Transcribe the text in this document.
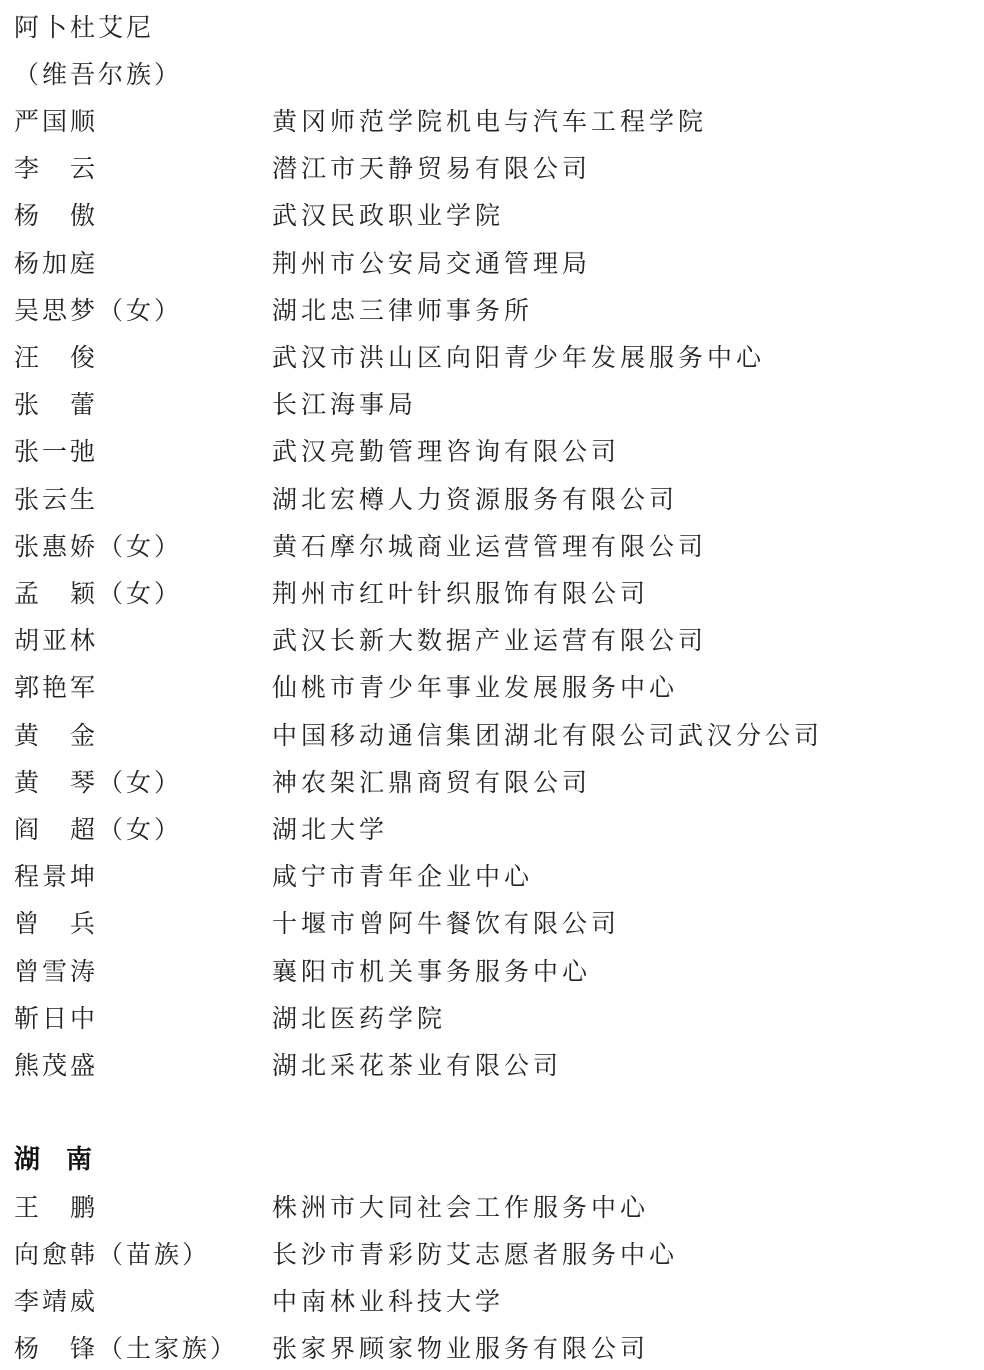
阿卜杜艾尼
（维吾尔族）
严国顺	黄冈师范学院机电与汽车工程学院
李　云	潜江市天静贸易有限公司
杨　傲	武汉民政职业学院
杨加庭	荆州市公安局交通管理局
吴思梦（女）	湖北忠三律师事务所
汪　俊	武汉市洪山区向阳青少年发展服务中心
张　蕾	长江海事局
张一弛	武汉亮勤管理咨询有限公司
张云生	湖北宏樽人力资源服务有限公司
张惠娇（女）	黄石摩尔城商业运营管理有限公司
孟　颖（女）	荆州市红叶针织服饰有限公司
胡亚林	武汉长新大数据产业运营有限公司
郭艳军	仙桃市青少年事业发展服务中心
黄　金	中国移动通信集团湖北有限公司武汉分公司
黄　琴（女）	神农架汇鼎商贸有限公司
阎　超（女）	湖北大学
程景坤	咸宁市青年企业中心
曾　兵	十堰市曾阿牛餐饮有限公司
曾雪涛	襄阳市机关事务服务中心
靳日中	湖北医药学院
熊茂盛	湖北采花茶业有限公司
湖　南
王　鹏	株洲市大同社会工作服务中心
向愈韩（苗族） 长沙市青彩防艾志愿者服务中心
李靖威	中南林业科技大学
杨　锋（土家族） 张家界顾家物业服务有限公司
